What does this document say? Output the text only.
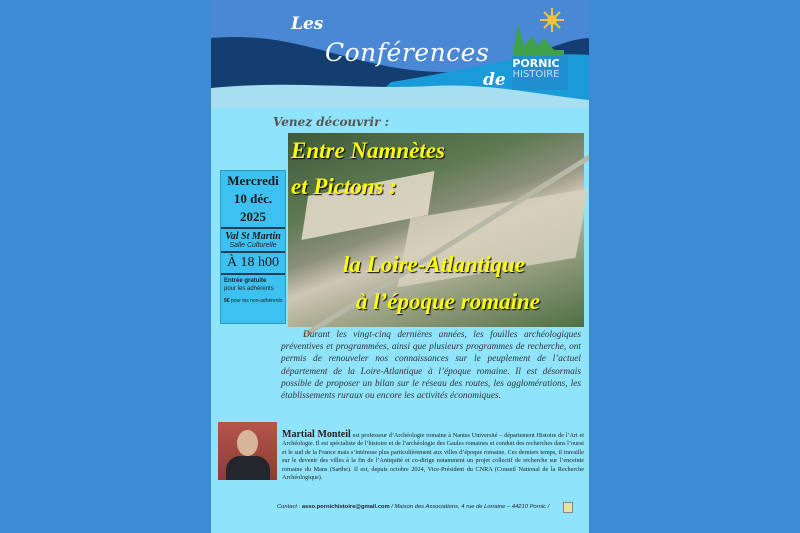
Les
Conférences
de
PORNIC
HISTOIRE
Venez découvrir :
Entre Namnètes
et Pictons :
la Loire-Atlantique
à l’époque romaine
Mercredi
10 déc.
2025
Val St Martin
Salle Culturelle
À 18 h00
Entrée gratuite
pour les adhérents
5€ pour les non-adhérents
Durant les vingt-cinq dernières années, les fouilles archéologiques préventives et programmées, ainsi que plusieurs programmes de recherche, ont permis de renouveler nos connaissances sur le peuplement de l’actuel département de la Loire-Atlantique à l’époque romaine. Il est désormais possible de proposer un bilan sur le réseau des routes, les agglomérations, les établissements ruraux ou encore les activités économiques.
Martial Monteil est professeur d’Archéologie romaine à Nantes Université – département Histoire de l’Art et Archéologie. Il est spécialiste de l’histoire et de l’archéologie des Gaules romaines et conduit des recherches dans l’ouest et le sud de la France mais s’intéresse plus particulièrement aux villes d’époque romaine. Ces derniers temps, il travaille sur le devenir des villes à la fin de l’Antiquité et co-dirige notamment un projet collectif de recherche sur l’enceinte romaine du Mans (Sarthe). Il est, depuis octobre 2024, Vice-Président du CNRA (Conseil National de la Recherche Archéologique).
Contact : asso.pornichistoire@gmail.com / Maison des Associations, 4 rue de Lorraine – 44210 Pornic /
